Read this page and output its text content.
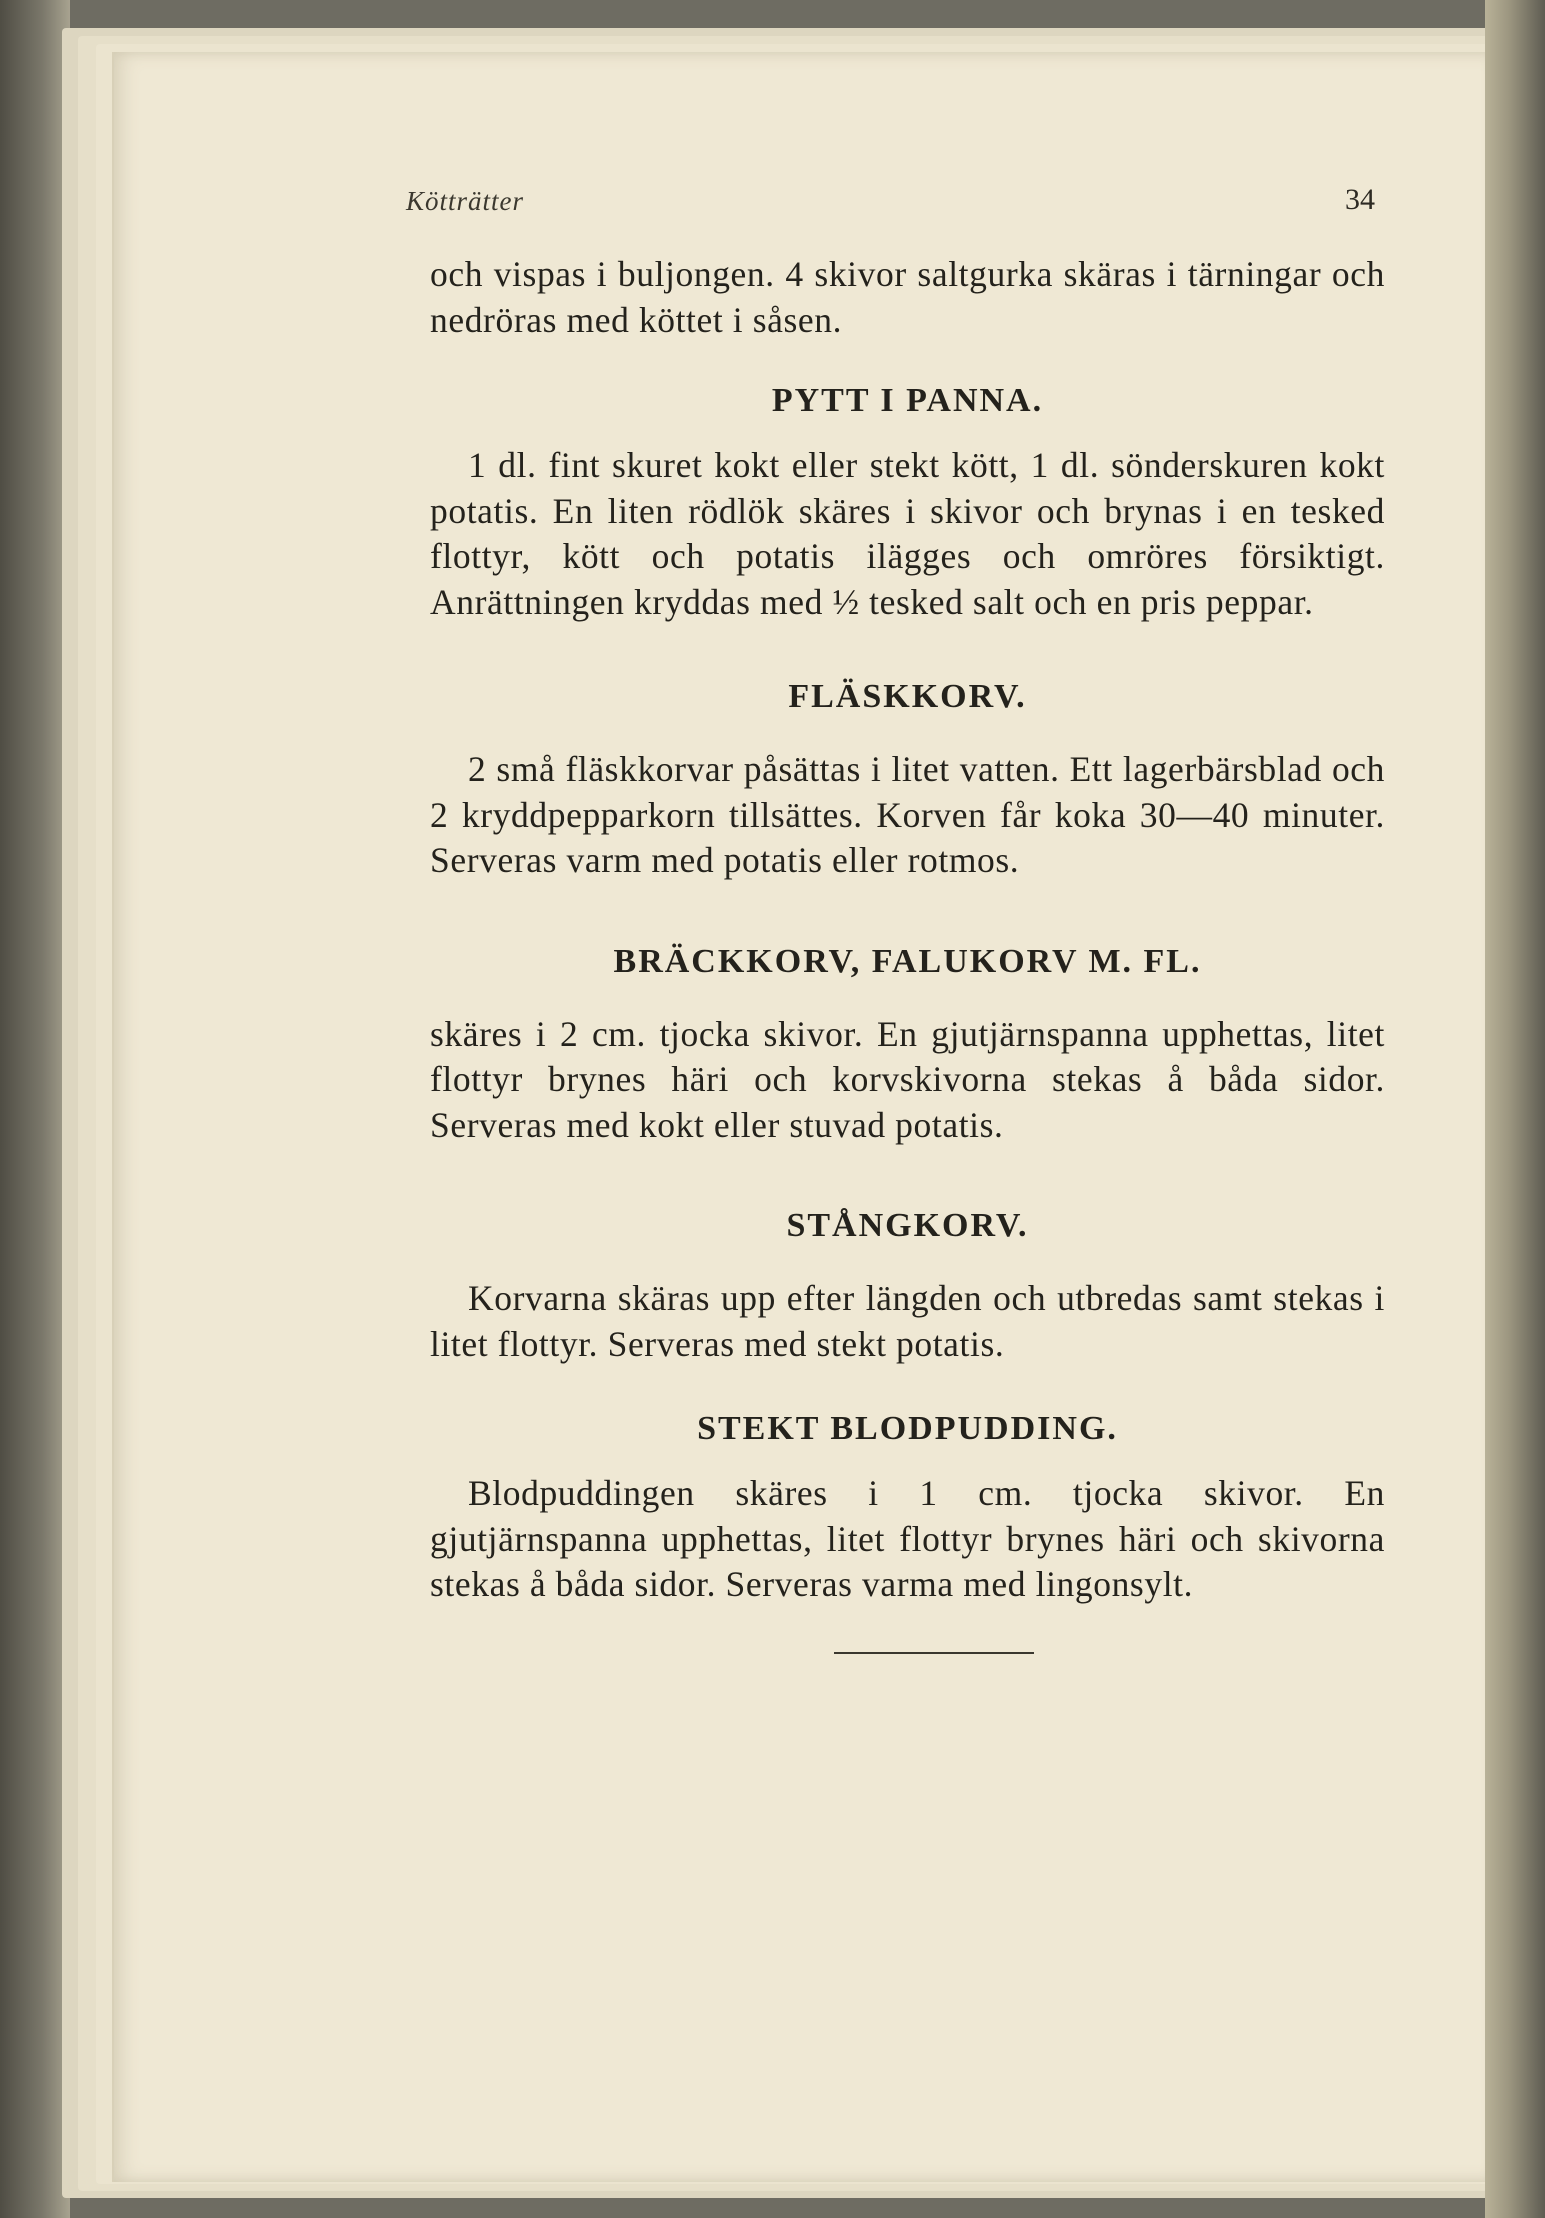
Kötträtter	34

och vispas i buljongen. 4 skivor saltgurka skäras i tärningar och nedröras med köttet i såsen.

PYTT I PANNA.

1 dl. fint skuret kokt eller stekt kött, 1 dl. sönderskuren kokt potatis. En liten rödlök skäres i skivor och brynas i en tesked flottyr, kött och potatis ilägges och omröres försiktigt. Anrättningen kryddas med ½ tesked salt och en pris peppar.

FLÄSKKORV.

2 små fläskkorvar påsättas i litet vatten. Ett lagerbärsblad och 2 kryddpepparkorn tillsättes. Korven får koka 30—40 minuter. Serveras varm med potatis eller rotmos.

BRÄCKKORV, FALUKORV M. FL.

skäres i 2 cm. tjocka skivor. En gjutjärnspanna upphettas, litet flottyr brynes häri och korvskivorna stekas å båda sidor. Serveras med kokt eller stuvad potatis.

STÅNGKORV.

Korvarna skäras upp efter längden och utbredas samt stekas i litet flottyr. Serveras med stekt potatis.

STEKT BLODPUDDING.

Blodpuddingen skäres i 1 cm. tjocka skivor. En gjutjärnspanna upphettas, litet flottyr brynes häri och skivorna stekas å båda sidor. Serveras varma med lingonsylt.
